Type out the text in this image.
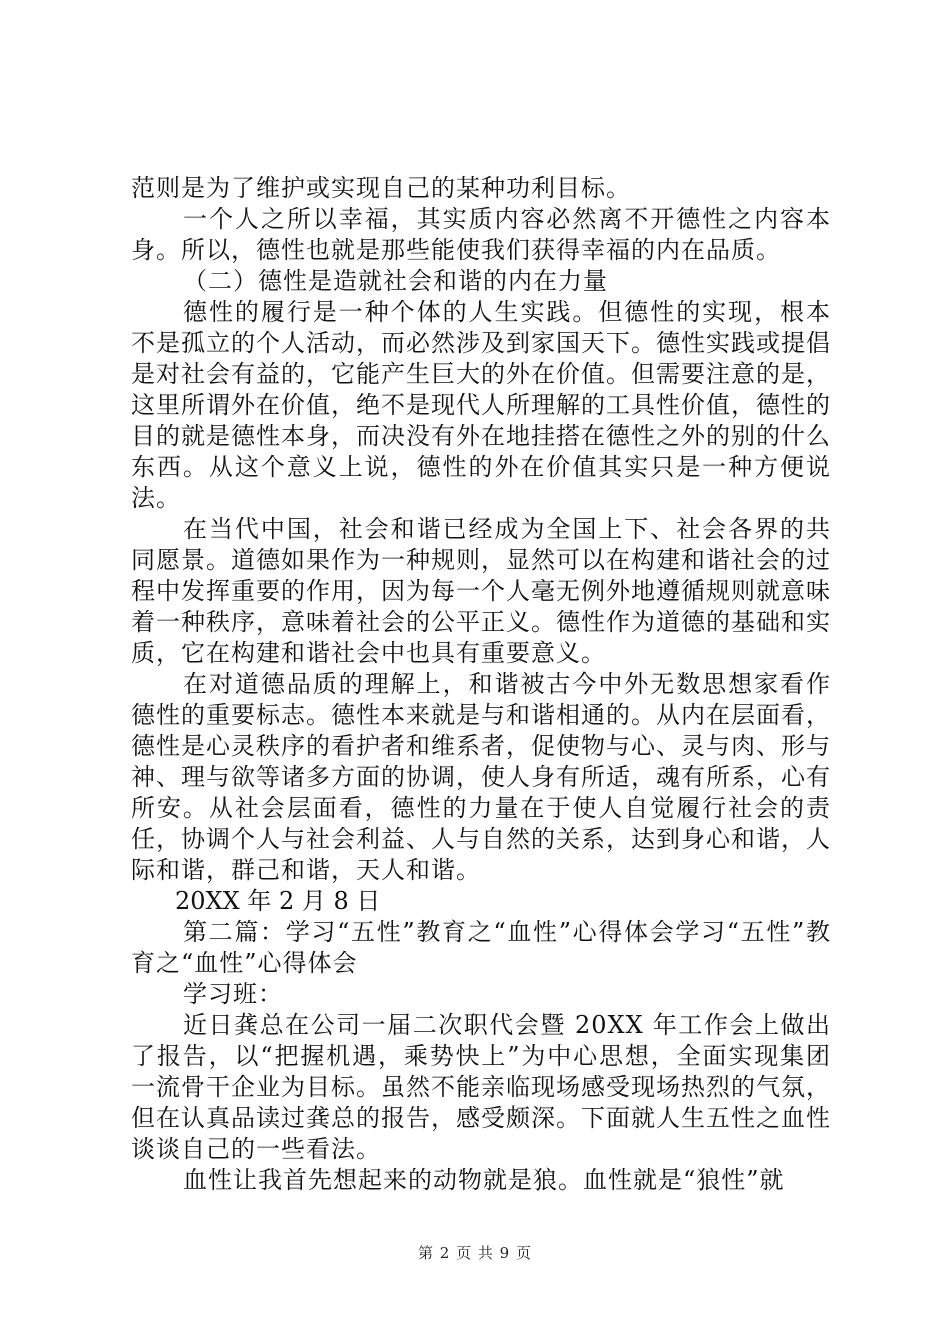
范则是为了维护或实现自己的某种功利目标。

一个人之所以幸福，其实质内容必然离不开德性之内容本身。所以，德性也就是那些能使我们获得幸福的内在品质。

（二）德性是造就社会和谐的内在力量

德性的履行是一种个体的人生实践。但德性的实现，根本不是孤立的个人活动，而必然涉及到家国天下。德性实践或提倡是对社会有益的，它能产生巨大的外在价值。但需要注意的是，这里所谓外在价值，绝不是现代人所理解的工具性价值，德性的目的就是德性本身，而决没有外在地挂搭在德性之外的别的什么东西。从这个意义上说，德性的外在价值其实只是一种方便说法。

在当代中国，社会和谐已经成为全国上下、社会各界的共同愿景。道德如果作为一种规则，显然可以在构建和谐社会的过程中发挥重要的作用，因为每一个人毫无例外地遵循规则就意味着一种秩序，意味着社会的公平正义。德性作为道德的基础和实质，它在构建和谐社会中也具有重要意义。

在对道德品质的理解上，和谐被古今中外无数思想家看作德性的重要标志。德性本来就是与和谐相通的。从内在层面看，德性是心灵秩序的看护者和维系者，促使物与心、灵与肉、形与神、理与欲等诸多方面的协调，使人身有所适，魂有所系，心有所安。从社会层面看，德性的力量在于使人自觉履行社会的责任，协调个人与社会利益、人与自然的关系，达到身心和谐，人际和谐，群己和谐，天人和谐。

20XX 年 2 月 8 日

第二篇：学习“五性”教育之“血性”心得体会学习“五性”教育之“血性”心得体会

学习班：

近日龚总在公司一届二次职代会暨 20XX 年工作会上做出了报告，以“把握机遇，乘势快上”为中心思想，全面实现集团一流骨干企业为目标。虽然不能亲临现场感受现场热烈的气氛，但在认真品读过龚总的报告，感受颇深。下面就人生五性之血性谈谈自己的一些看法。

血性让我首先想起来的动物就是狼。血性就是“狼性”就

第 2 页 共 9 页
